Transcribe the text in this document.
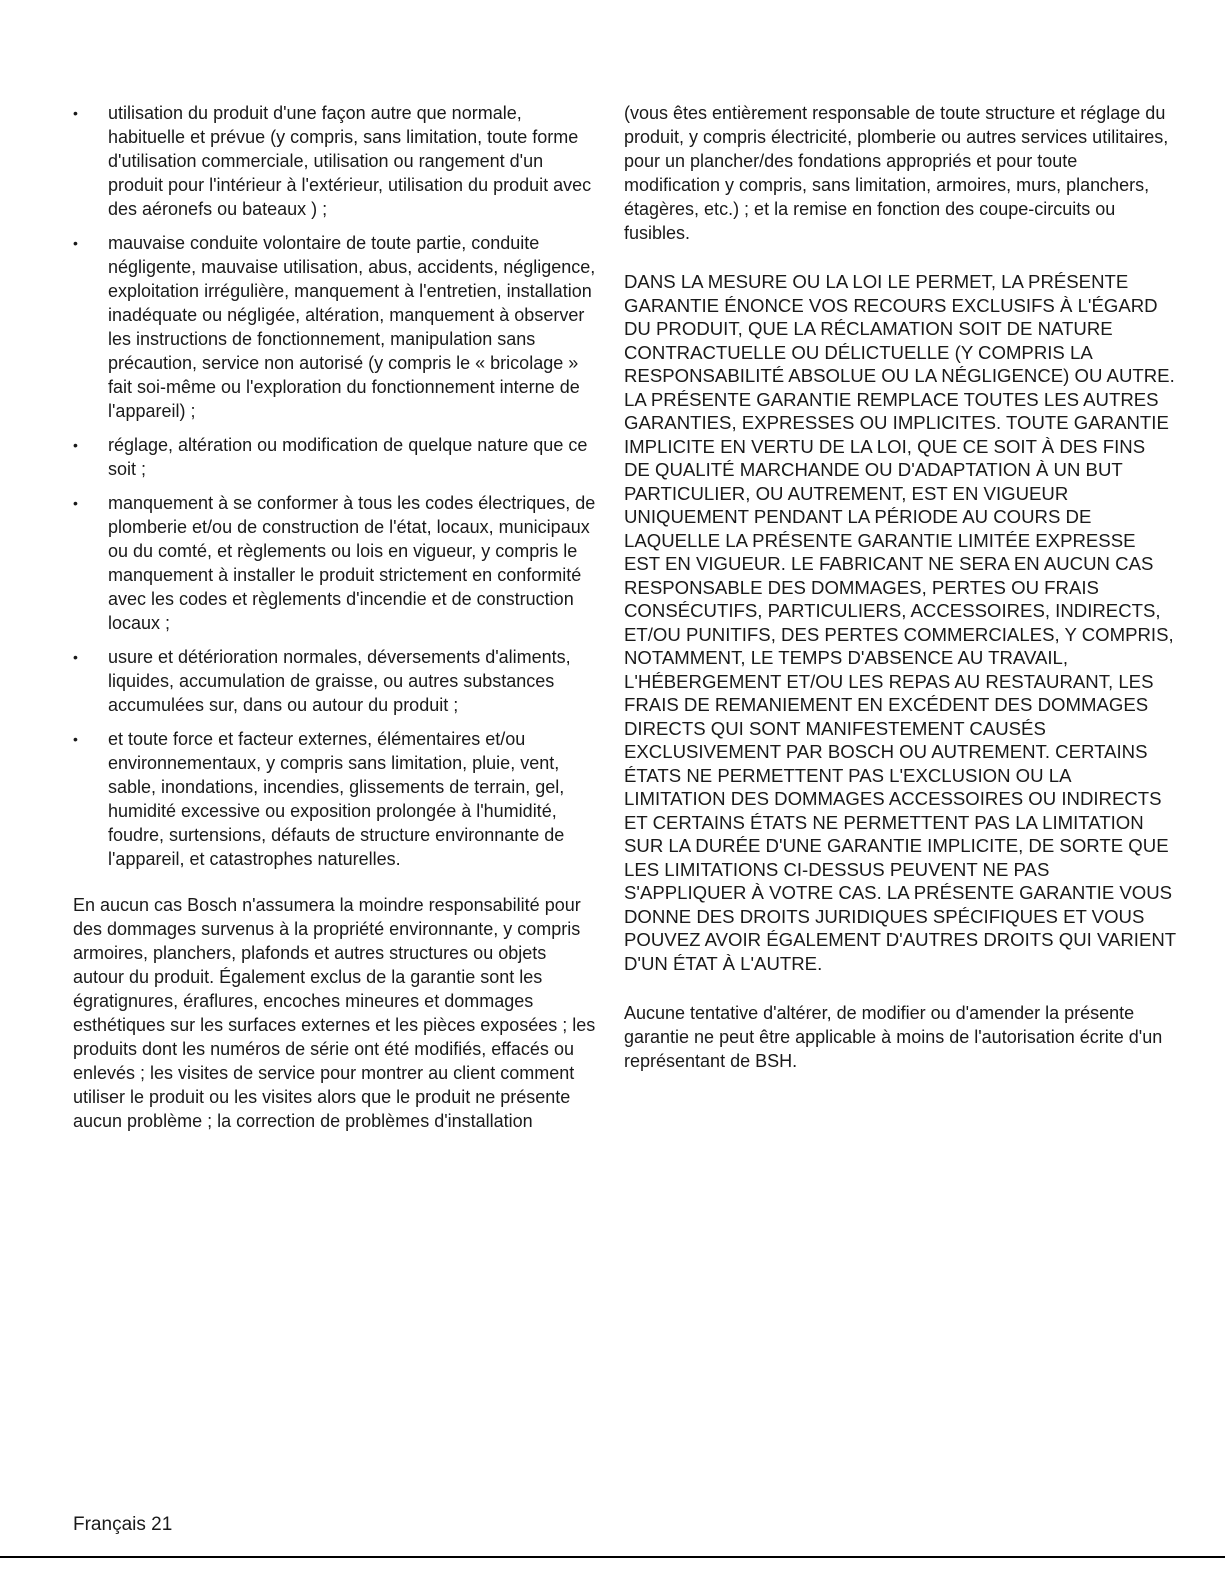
• utilisation du produit d'une façon autre que normale, habituelle et prévue (y compris, sans limitation, toute forme d'utilisation commerciale, utilisation ou rangement d'un produit pour l'intérieur à l'extérieur, utilisation du produit avec des aéronefs ou bateaux ) ;
• mauvaise conduite volontaire de toute partie, conduite négligente, mauvaise utilisation, abus, accidents, négligence, exploitation irrégulière, manquement à l'entretien, installation inadéquate ou négligée, altération, manquement à observer les instructions de fonctionnement, manipulation sans précaution, service non autorisé (y compris le « bricolage » fait soi-même ou l'exploration du fonctionnement interne de l'appareil) ;
• réglage, altération ou modification de quelque nature que ce soit ;
• manquement à se conformer à tous les codes électriques, de plomberie et/ou de construction de l'état, locaux, municipaux ou du comté, et règlements ou lois en vigueur, y compris le manquement à installer le produit strictement en conformité avec les codes et règlements d'incendie et de construction locaux ;
• usure et détérioration normales, déversements d'aliments, liquides, accumulation de graisse, ou autres substances accumulées sur, dans ou autour du produit ;
• et toute force et facteur externes, élémentaires et/ou environnementaux, y compris sans limitation, pluie, vent, sable, inondations, incendies, glissements de terrain, gel, humidité excessive ou exposition prolongée à l'humidité, foudre, surtensions, défauts de structure environnante de l'appareil, et catastrophes naturelles.

En aucun cas Bosch n'assumera la moindre responsabilité pour des dommages survenus à la propriété environnante, y compris armoires, planchers, plafonds et autres structures ou objets autour du produit. Également exclus de la garantie sont les égratignures, éraflures, encoches mineures et dommages esthétiques sur les surfaces externes et les pièces exposées ; les produits dont les numéros de série ont été modifiés, effacés ou enlevés ; les visites de service pour montrer au client comment utiliser le produit ou les visites alors que le produit ne présente aucun problème ; la correction de problèmes d'installation

(vous êtes entièrement responsable de toute structure et réglage du produit, y compris électricité, plomberie ou autres services utilitaires, pour un plancher/des fondations appropriés et pour toute modification y compris, sans limitation, armoires, murs, planchers, étagères, etc.) ; et la remise en fonction des coupe-circuits ou fusibles.

DANS LA MESURE OU LA LOI LE PERMET, LA PRÉSENTE GARANTIE ÉNONCE VOS RECOURS EXCLUSIFS À L'ÉGARD DU PRODUIT, QUE LA RÉCLAMATION SOIT DE NATURE CONTRACTUELLE OU DÉLICTUELLE (Y COMPRIS LA RESPONSABILITÉ ABSOLUE OU LA NÉGLIGENCE) OU AUTRE. LA PRÉSENTE GARANTIE REMPLACE TOUTES LES AUTRES GARANTIES, EXPRESSES OU IMPLICITES. TOUTE GARANTIE IMPLICITE EN VERTU DE LA LOI, QUE CE SOIT À DES FINS DE QUALITÉ MARCHANDE OU D'ADAPTATION À UN BUT PARTICULIER, OU AUTREMENT, EST EN VIGUEUR UNIQUEMENT PENDANT LA PÉRIODE AU COURS DE LAQUELLE LA PRÉSENTE GARANTIE LIMITÉE EXPRESSE EST EN VIGUEUR. LE FABRICANT NE SERA EN AUCUN CAS RESPONSABLE DES DOMMAGES, PERTES OU FRAIS CONSÉCUTIFS, PARTICULIERS, ACCESSOIRES, INDIRECTS, ET/OU PUNITIFS, DES PERTES COMMERCIALES, Y COMPRIS, NOTAMMENT, LE TEMPS D'ABSENCE AU TRAVAIL, L'HÉBERGEMENT ET/OU LES REPAS AU RESTAURANT, LES FRAIS DE REMANIEMENT EN EXCÉDENT DES DOMMAGES DIRECTS QUI SONT MANIFESTEMENT CAUSÉS EXCLUSIVEMENT PAR BOSCH OU AUTREMENT. CERTAINS ÉTATS NE PERMETTENT PAS L'EXCLUSION OU LA LIMITATION DES DOMMAGES ACCESSOIRES OU INDIRECTS ET CERTAINS ÉTATS NE PERMETTENT PAS LA LIMITATION SUR LA DURÉE D'UNE GARANTIE IMPLICITE, DE SORTE QUE LES LIMITATIONS CI-DESSUS PEUVENT NE PAS S'APPLIQUER À VOTRE CAS. LA PRÉSENTE GARANTIE VOUS DONNE DES DROITS JURIDIQUES SPÉCIFIQUES ET VOUS POUVEZ AVOIR ÉGALEMENT D'AUTRES DROITS QUI VARIENT D'UN ÉTAT À L'AUTRE.

Aucune tentative d'altérer, de modifier ou d'amender la présente garantie ne peut être applicable à moins de l'autorisation écrite d'un représentant de BSH.

Français 21
